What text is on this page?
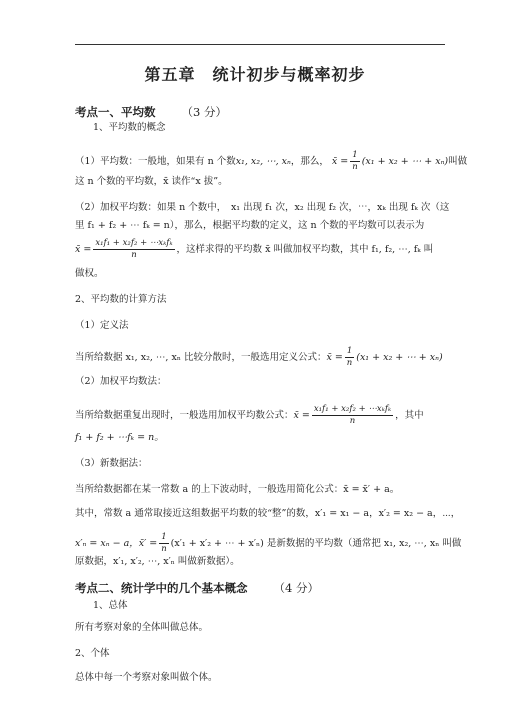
第五章　统计初步与概率初步
考点一、平均数 （3 分）
1、平均数的概念
（1）平均数：一般地，如果有 n 个数x₁, x₂, ⋯, xₙ，那么， x̄ = $\frac{1}{n} (x_1 + x_2$ + ⋯ + xₙ)叫做
这 n 个数的平均数，x̄ 读作“x 拔”。
（2）加权平均数：如果 n 个数中，　x₁ 出现 f₁ 次，x₂ 出现 f₂ 次，⋯，xₖ 出现 fₖ 次（这
里 f₁ + f₂ + ⋯ fₖ = n），那么，根据平均数的定义，这 n 个数的平均数可以表示为
x̄ = $\frac{\text{x₁f₁ + x₂f₂ + ⋯xₖfₖ}}{n}$ ，这样求得的平均数 x̄ 叫做加权平均数，其中 f₁, f₂, ⋯, fₖ 叫
做权。
2、平均数的计算方法
（1）定义法
当所给数据 x₁, x₂, ⋯, xₙ 比较分散时，一般选用定义公式：x̄ = $\frac{1}{n} (x_1 + x_2$ + ⋯ + xₙ)
（2）加权平均数法：
当所给数据重复出现时，一般选用加权平均数公式：x̄ = $\frac{\text{x₁f₁ + x₂f₂ + ⋯xₖfₖ}}{n}$ ，其中
f₁ + f₂ + ⋯fₖ = n。
（3）新数据法：
当所给数据都在某一常数 a 的上下波动时，一般选用简化公式：x̄ = x̄′ + a。
其中，常数 a 通常取接近这组数据平均数的较“整”的数，x′₁ = x₁ − a，x′₂ = x₂ − a，⋯，
x′ₙ = xₙ − a，x̄′ = $\frac{1}{n} (x'_1 + x'_2$ + ⋯ + x′ₙ) 是新数据的平均数（通常把 x₁, x₂, ⋯, xₙ 叫做
原数据，x′₁, x′₂, ⋯, x′ₙ 叫做新数据）。
考点二、统计学中的几个基本概念 （4 分）
1、总体
所有考察对象的全体叫做总体。
2、个体
总体中每一个考察对象叫做个体。
